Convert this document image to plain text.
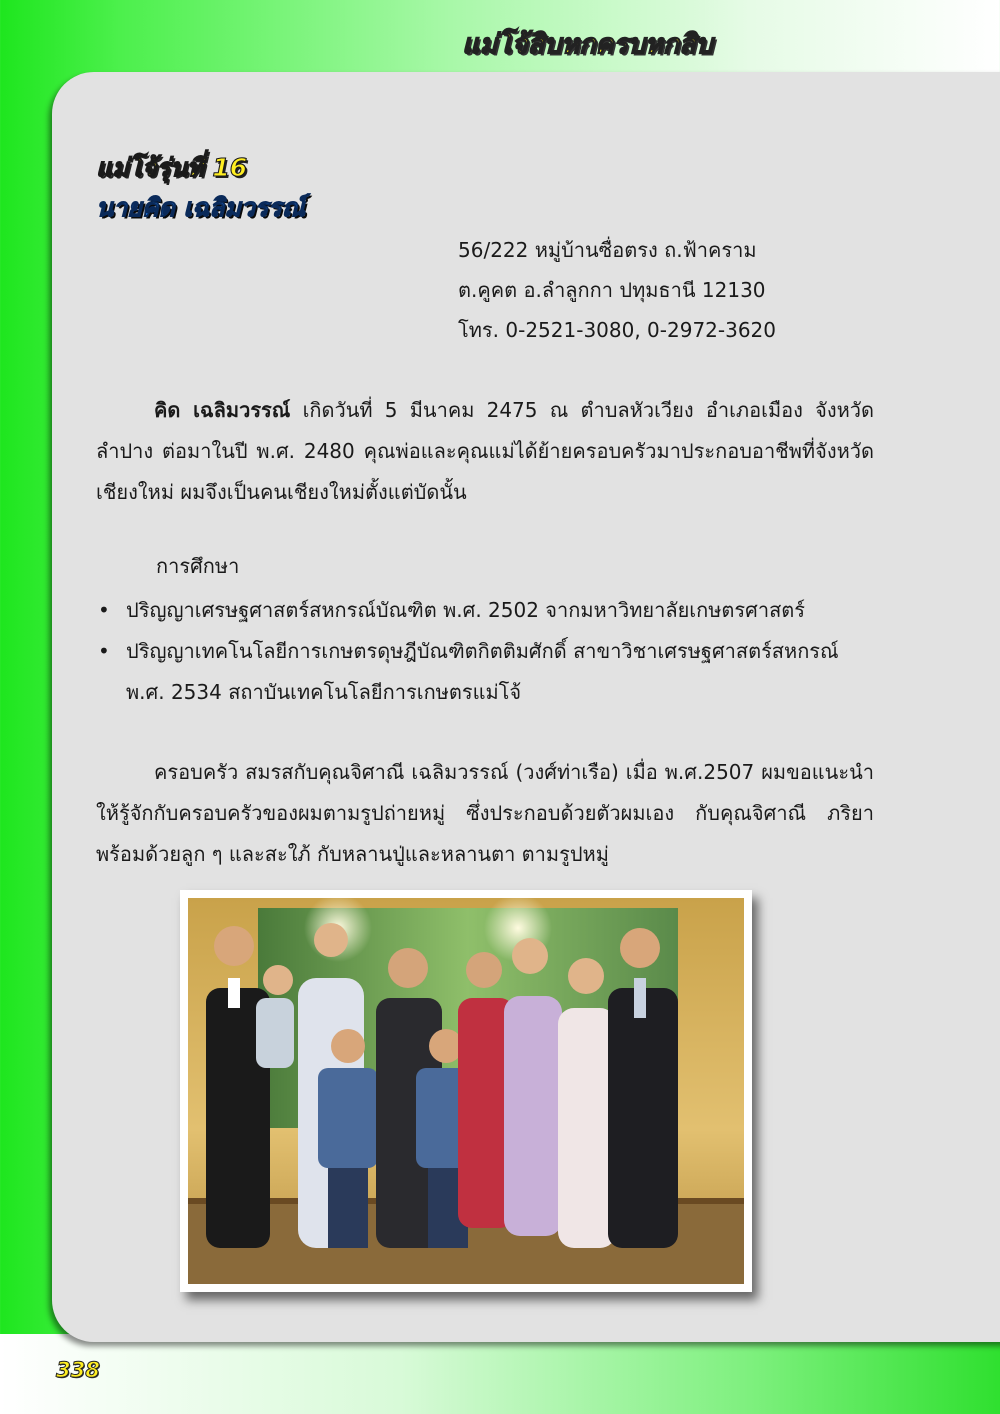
แม่โจ้สิบหกครบหกสิบ
แม่โจ้รุ่นที่ 16
นายคิด เฉลิมวรรณ์
56/222 หมู่บ้านซื่อตรง ถ.ฟ้าคราม
ต.คูคต อ.ลำลูกกา ปทุมธานี 12130
โทร. 0-2521-3080, 0-2972-3620
คิด เฉลิมวรรณ์ เกิดวันที่ 5 มีนาคม 2475 ณ ตำบลหัวเวียง อำเภอเมือง จังหวัดลำปาง ต่อมาในปี พ.ศ. 2480 คุณพ่อและคุณแม่ได้ย้ายครอบครัวมาประกอบอาชีพที่จังหวัดเชียงใหม่ ผมจึงเป็นคนเชียงใหม่ตั้งแต่บัดนั้น
การศึกษา
• ปริญญาเศรษฐศาสตร์สหกรณ์บัณฑิต พ.ศ. 2502 จากมหาวิทยาลัยเกษตรศาสตร์
• ปริญญาเทคโนโลยีการเกษตรดุษฎีบัณฑิตกิตติมศักดิ์ สาขาวิชาเศรษฐศาสตร์สหกรณ์ พ.ศ. 2534 สถาบันเทคโนโลยีการเกษตรแม่โจ้
ครอบครัว สมรสกับคุณจิศาณี เฉลิมวรรณ์ (วงศ์ท่าเรือ) เมื่อ พ.ศ.2507 ผมขอแนะนำให้รู้จักกับครอบครัวของผมตามรูปถ่ายหมู่ ซึ่งประกอบด้วยตัวผมเอง กับคุณจิศาณี ภริยา พร้อมด้วยลูก ๆ และสะใภ้ กับหลานปู่และหลานตา ตามรูปหมู่
338
